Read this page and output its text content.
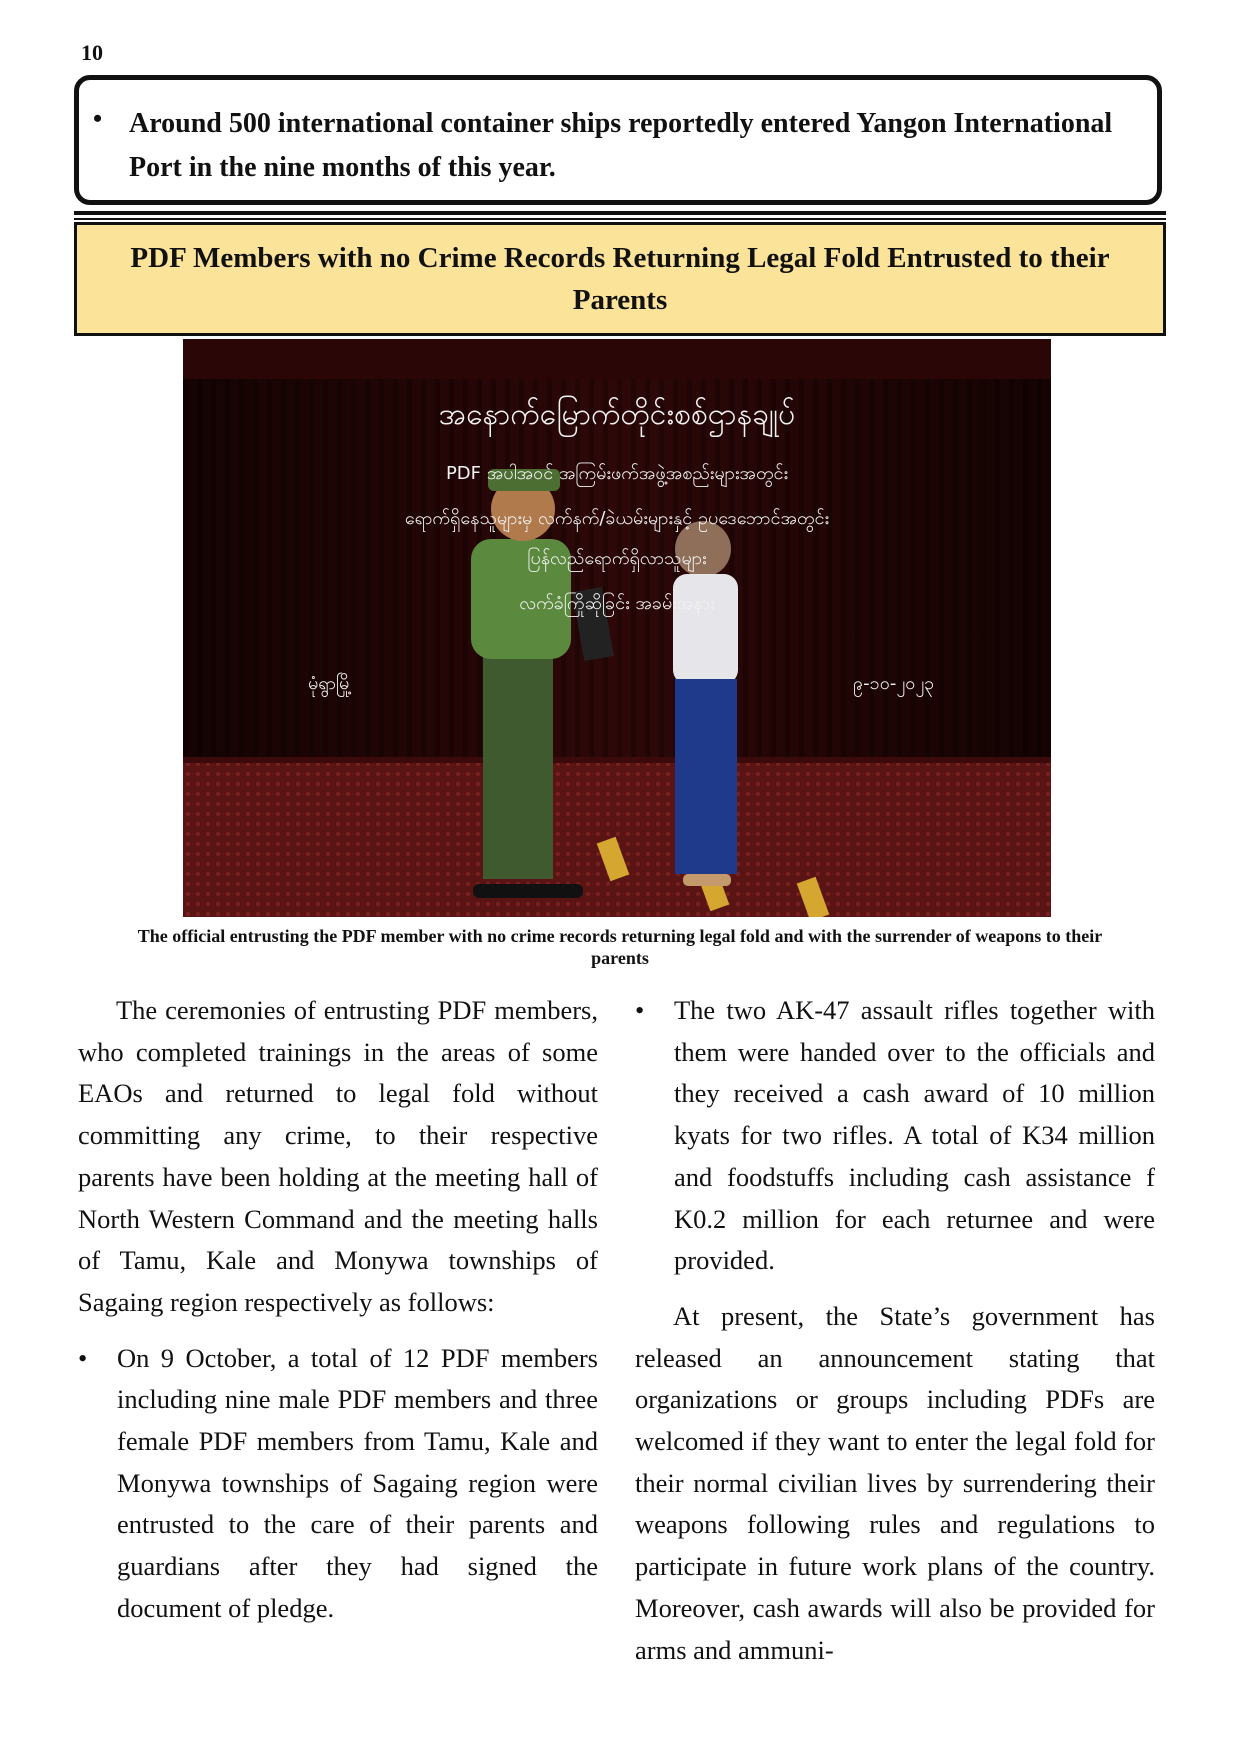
10
• Around 500 international container ships reportedly entered Yangon International Port in the nine months of this year.
PDF Members with no Crime Records Returning Legal Fold Entrusted to their Parents
အနောက်မြောက်တိုင်းစစ်ဌာနချုပ်
PDF အပါအဝင် အကြမ်းဖက်အဖွဲ့အစည်းများအတွင်း
ရောက်ရှိနေသူများမှ လက်နက်/ခဲယမ်းများနှင့် ဥပဒေဘောင်အတွင်း
ပြန်လည်ရောက်ရှိလာသူများ
လက်ခံကြိုဆိုခြင်း အခမ်းအနား
မုံရွာမြို့	၉-၁၀-၂၀၂၃
The official entrusting the PDF member with no crime records returning legal fold and with the surrender of weapons to their parents

The ceremonies of entrusting PDF members, who completed trainings in the areas of some EAOs and returned to legal fold without committing any crime, to their respective parents have been holding at the meeting hall of North Western Command and the meeting halls of Tamu, Kale and Monywa townships of Sagaing region respectively as follows:

• On 9 October, a total of 12 PDF members including nine male PDF members and three female PDF members from Tamu, Kale and Monywa townships of Sagaing region were entrusted to the care of their parents and guardians after they had signed the document of pledge.

• The two AK-47 assault rifles together with them were handed over to the officials and they received a cash award of 10 million kyats for two rifles. A total of K34 million and foodstuffs including cash assistance f K0.2 million for each returnee and were provided.

At present, the State’s government has released an announcement stating that organizations or groups including PDFs are welcomed if they want to enter the legal fold for their normal civilian lives by surrendering their weapons following rules and regulations to participate in future work plans of the country. Moreover, cash awards will also be provided for arms and ammuni-
